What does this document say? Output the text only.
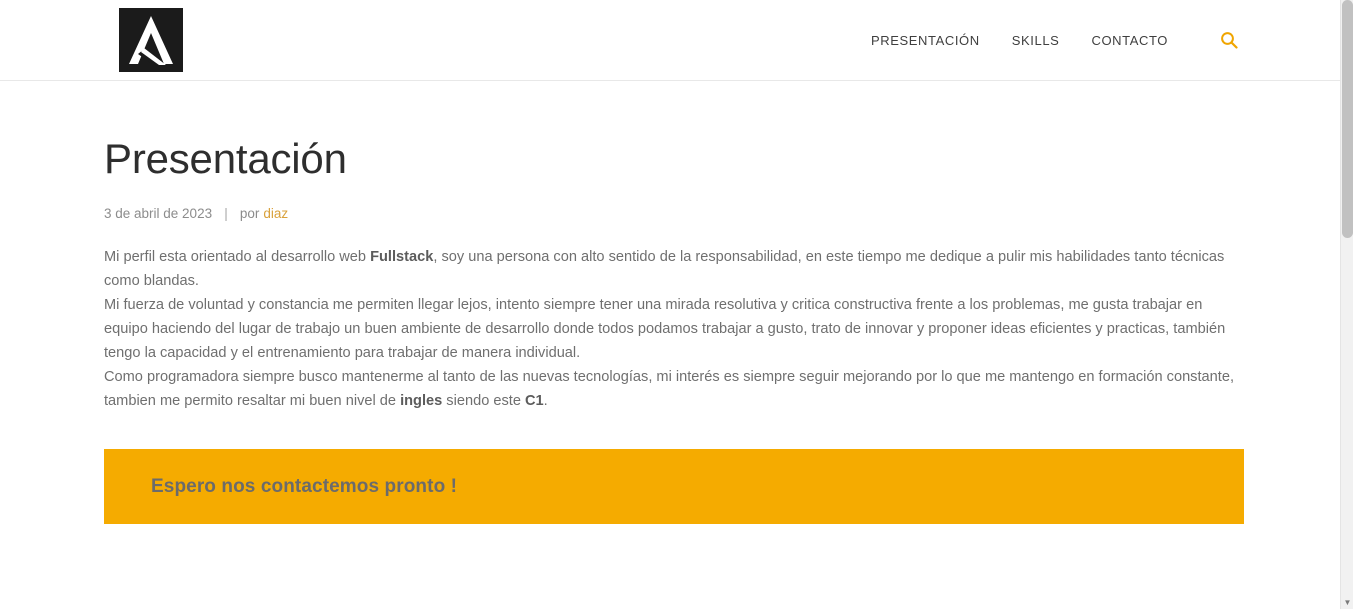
PRESENTACIÓN	SKILLS	CONTACTO
Presentación
3 de abril de 2023 | por diaz

Mi perfil esta orientado al desarrollo web Fullstack, soy una persona con alto sentido de la responsabilidad, en este tiempo me dedique a pulir mis habilidades tanto técnicas como blandas.

Mi fuerza de voluntad y constancia me permiten llegar lejos, intento siempre tener una mirada resolutiva y critica constructiva frente a los problemas, me gusta trabajar en equipo haciendo del lugar de trabajo un buen ambiente de desarrollo donde todos podamos trabajar a gusto, trato de innovar y proponer ideas eficientes y practicas, también tengo la capacidad y el entrenamiento para trabajar de manera individual.

Como programadora siempre busco mantenerme al tanto de las nuevas tecnologías, mi interés es siempre seguir mejorando por lo que me mantengo en formación constante, tambien me permito resaltar mi buen nivel de ingles siendo este C1.

Espero nos contactemos pronto !
▼
